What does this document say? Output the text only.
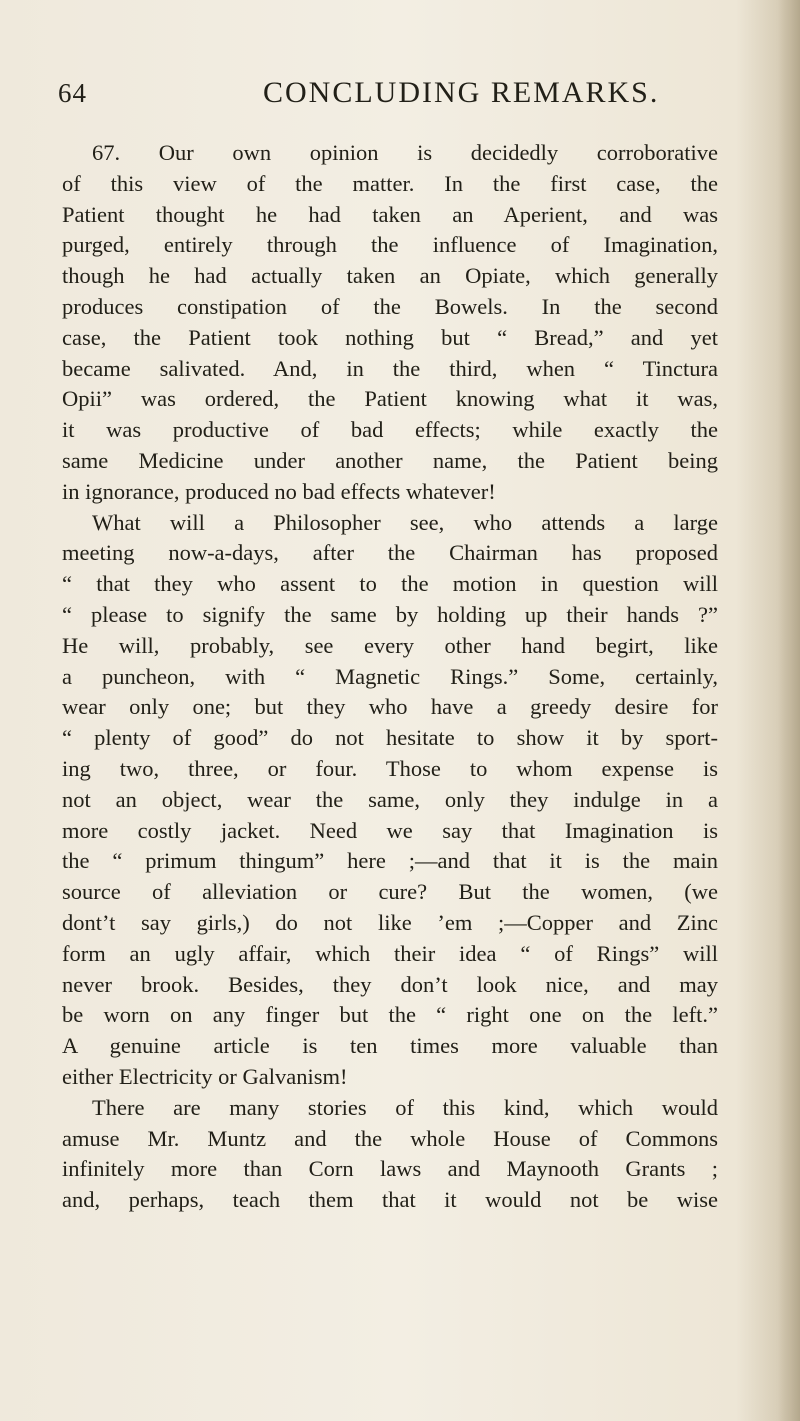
64	CONCLUDING REMARKS.
67. Our own opinion is decidedly corroborative
of this view of the matter. In the first case, the
Patient thought he had taken an Aperient, and was
purged, entirely through the influence of Imagination,
though he had actually taken an Opiate, which generally
produces constipation of the Bowels. In the second
case, the Patient took nothing but “ Bread,” and yet
became salivated. And, in the third, when “ Tinctura
Opii” was ordered, the Patient knowing what it was,
it was productive of bad effects; while exactly the
same Medicine under another name, the Patient being
in ignorance, produced no bad effects whatever!
What will a Philosopher see, who attends a large
meeting now-a-days, after the Chairman has proposed
“ that they who assent to the motion in question will
“ please to signify the same by holding up their hands ?”
He will, probably, see every other hand begirt, like
a puncheon, with “ Magnetic Rings.” Some, certainly,
wear only one; but they who have a greedy desire for
“ plenty of good” do not hesitate to show it by sport-
ing two, three, or four. Those to whom expense is
not an object, wear the same, only they indulge in a
more costly jacket. Need we say that Imagination is
the “ primum thingum” here ;—and that it is the main
source of alleviation or cure? But the women, (we
dont’t say girls,) do not like ’em ;—Copper and Zinc
form an ugly affair, which their idea “ of Rings” will
never brook. Besides, they don’t look nice, and may
be worn on any finger but the “ right one on the left.”
A genuine article is ten times more valuable than
either Electricity or Galvanism!
There are many stories of this kind, which would
amuse Mr. Muntz and the whole House of Commons
infinitely more than Corn laws and Maynooth Grants ;
and, perhaps, teach them that it would not be wise
